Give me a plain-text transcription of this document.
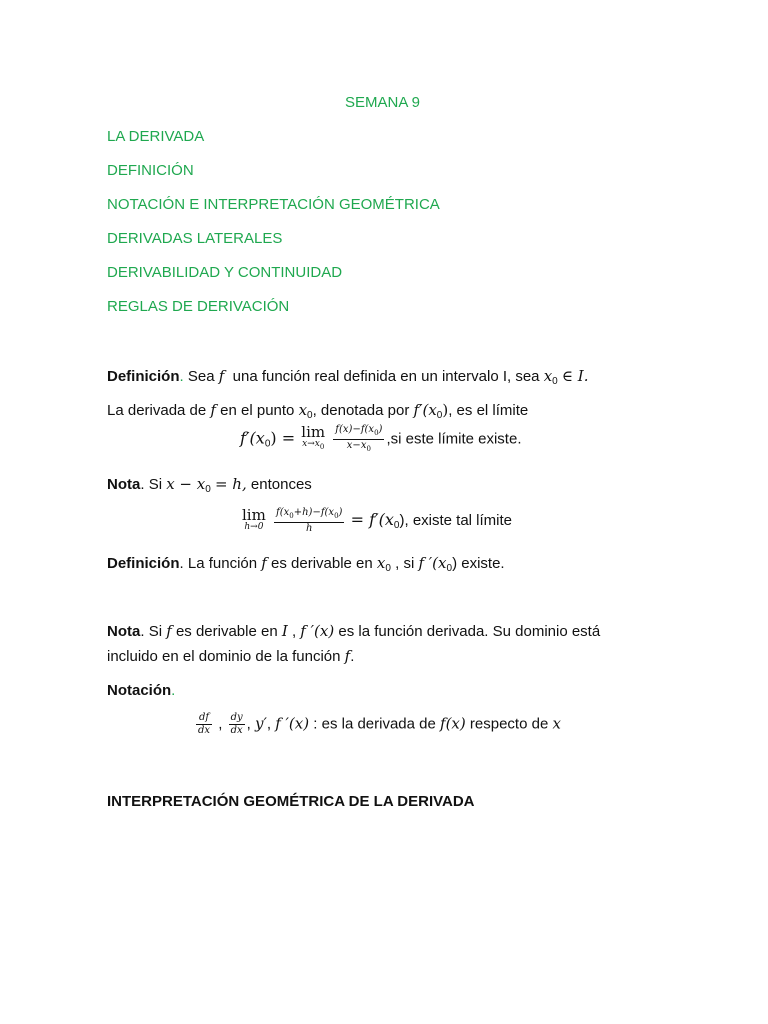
SEMANA 9
LA DERIVADA
DEFINICIÓN
NOTACIÓN E INTERPRETACIÓN GEOMÉTRICA
DERIVADAS LATERALES
DERIVABILIDAD Y CONTINUIDAD
REGLAS DE DERIVACIÓN
Definición. Sea f una función real definida en un intervalo I, sea $x_0$ ∈ I.
La derivada de f en el punto $x_0$, denotada por $f'(x_0)$, es el límite
$f'(x_0) = \lim$
$x\to x_0$
$\frac{f(x)-f(x_0)}{x-x_0} ,si$ este límite existe.
Nota. Si $x - x_0 = h$, entonces
lim
h→0
$\frac{f(x_0+h)-f(x_0)}{h} = f'(x_0)$, existe tal límite
Definición. La función f es derivable en $x_0$ , si f $'(x_0)$ existe.
Nota. Si f es derivable en I , f ′(x) es la función derivada. Su dominio está
incluido en el dominio de la función f.
Notación.
$\frac{df}{dx}$ , $\frac{dy}{dx}$ , y′, f ′(x) : es la derivada de f(x) respecto de x
INTERPRETACIÓN GEOMÉTRICA DE LA DERIVADA
